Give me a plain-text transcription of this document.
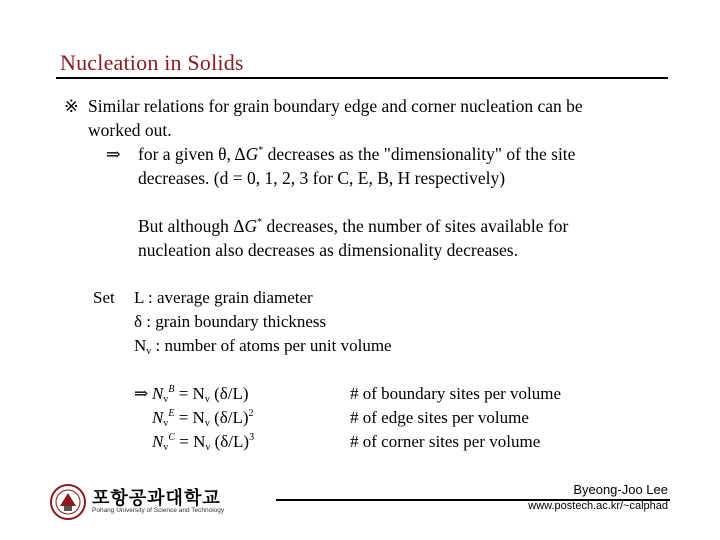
Nucleation in Solids
※ Similar relations for grain boundary edge and corner nucleation can be
worked out.
⇒ for a given θ, ΔG* decreases as the "dimensionality" of the site
decreases. (d = 0, 1, 2, 3 for C, E, B, H respectively)
But although ΔG* decreases, the number of sites available for
nucleation also decreases as dimensionality decreases.
Set L : average grain diameter
δ : grain boundary thickness
$N_v$ : number of atoms per unit volume
⇒ $N_v^B = N_v$ (δ/L)
$N_v^E = N_v$ $(\delta/L)^2$
$N_v^C = N_v$ $(\delta/L)^3$
# of boundary sites per volume
# of edge sites per volume
# of corner sites per volume
포항공과대학교
Pohang University of Science and Technology
Byeong-Joo Lee
www.postech.ac.kr/~calphad
